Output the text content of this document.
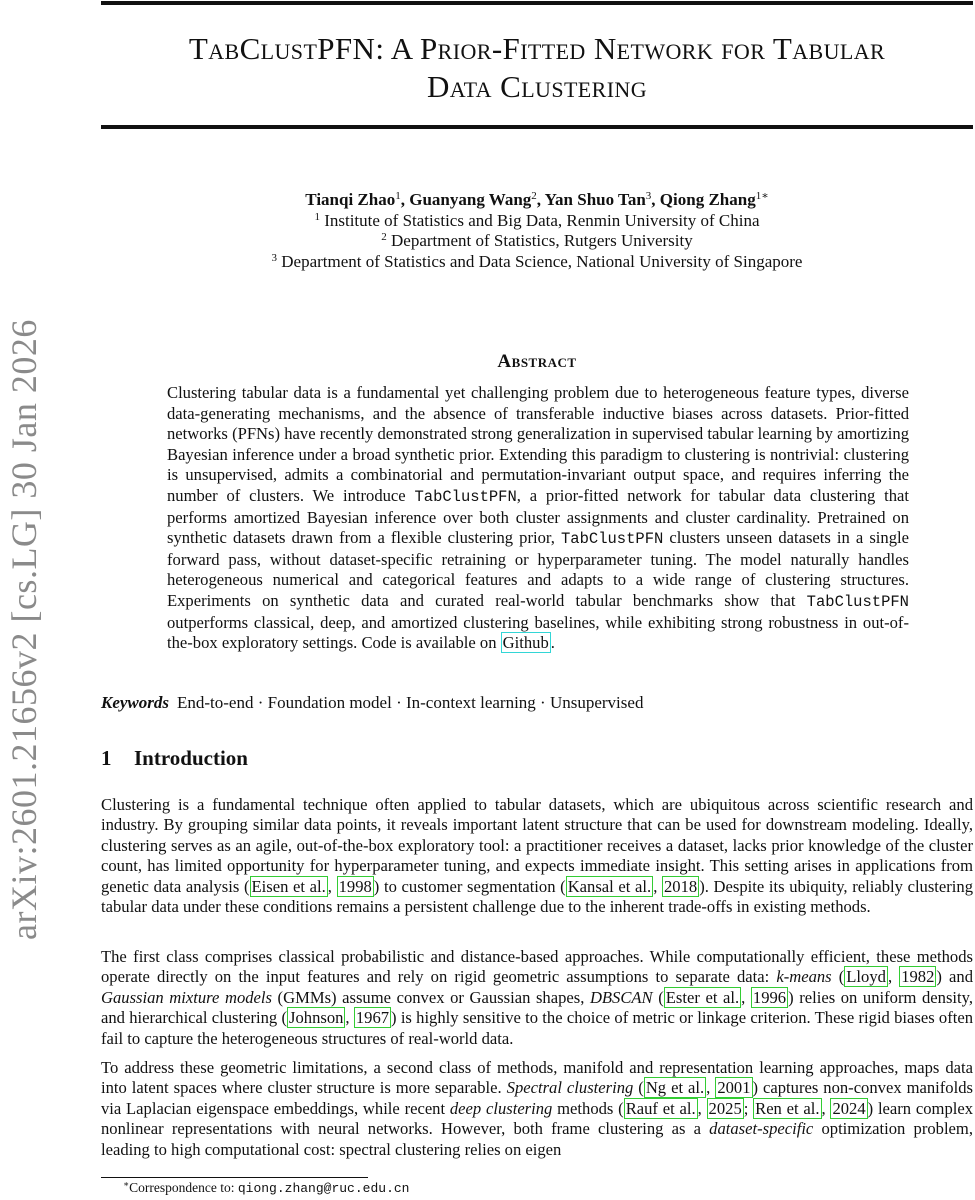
arXiv:2601.21656v2 [cs.LG] 30 Jan 2026
TabClustPFN: A Prior-Fitted Network for Tabular
Data Clustering
Tianqi Zhao$^1$, Guanyang Wang$^2$, Yan Shuo Tan$^3$, Qiong Zhang$^{1∗}$
$^1$ Institute of Statistics and Big Data, Renmin University of China
$^2$ Department of Statistics, Rutgers University
$^3$ Department of Statistics and Data Science, National University of Singapore
Abstract
Clustering tabular data is a fundamental yet challenging problem due to heterogeneous feature types, diverse data-generating mechanisms, and the absence of transferable inductive biases across datasets. Prior-fitted networks (PFNs) have recently demonstrated strong generalization in supervised tabular learning by amortizing Bayesian inference under a broad synthetic prior. Extending this paradigm to clustering is nontrivial: clustering is unsupervised, admits a combinatorial and permutation-invariant output space, and requires inferring the number of clusters. We introduce TabClustPFN, a prior-fitted network for tabular data clustering that performs amortized Bayesian inference over both cluster assignments and cluster cardinality. Pretrained on synthetic datasets drawn from a flexible clustering prior, TabClustPFN clusters unseen datasets in a single forward pass, without dataset-specific retraining or hyperparameter tuning. The model naturally handles heterogeneous numerical and categorical features and adapts to a wide range of clustering structures. Experiments on synthetic data and curated real-world tabular benchmarks show that TabClustPFN outperforms classical, deep, and amortized clustering baselines, while exhibiting strong robustness in out-of-the-box exploratory settings. Code is available on Github .
Keywords End-to-end · Foundation model · In-context learning · Unsupervised
1 Introduction
Clustering is a fundamental technique often applied to tabular datasets, which are ubiquitous across scientific research and industry. By grouping similar data points, it reveals important latent structure that can be used for downstream modeling. Ideally, clustering serves as an agile, out-of-the-box exploratory tool: a practitioner receives a dataset, lacks prior knowledge of the cluster count, has limited opportunity for hyperparameter tuning, and expects immediate insight. This setting arises in applications from genetic data analysis ( Eisen et al. , 1998 ) to customer segmentation ( Kansal et al. , 2018 ). Despite its ubiquity, reliably clustering tabular data under these conditions remains a persistent challenge due to the inherent trade-offs in existing methods.
The first class comprises classical probabilistic and distance-based approaches. While computationally efficient, these methods operate directly on the input features and rely on rigid geometric assumptions to separate data: k-means ( Lloyd , 1982 ) and Gaussian mixture models (GMMs) assume convex or Gaussian shapes, DBSCAN ( Ester et al. , 1996 ) relies on uniform density, and hierarchical clustering ( Johnson , 1967 ) is highly sensitive to the choice of metric or linkage criterion. These rigid biases often fail to capture the heterogeneous structures of real-world data.
To address these geometric limitations, a second class of methods, manifold and representation learning approaches, maps data into latent spaces where cluster structure is more separable. Spectral clustering ( Ng et al. , 2001 ) captures non-convex manifolds via Laplacian eigenspace embeddings, while recent deep clustering methods ( Rauf et al. , 2025 ; Ren et al. , 2024 ) learn complex nonlinear representations with neural networks. However, both frame clustering as a dataset-specific optimization problem, leading to high computational cost: spectral clustering relies on eigen
∗Correspondence to: qiong.zhang@ruc.edu.cn
